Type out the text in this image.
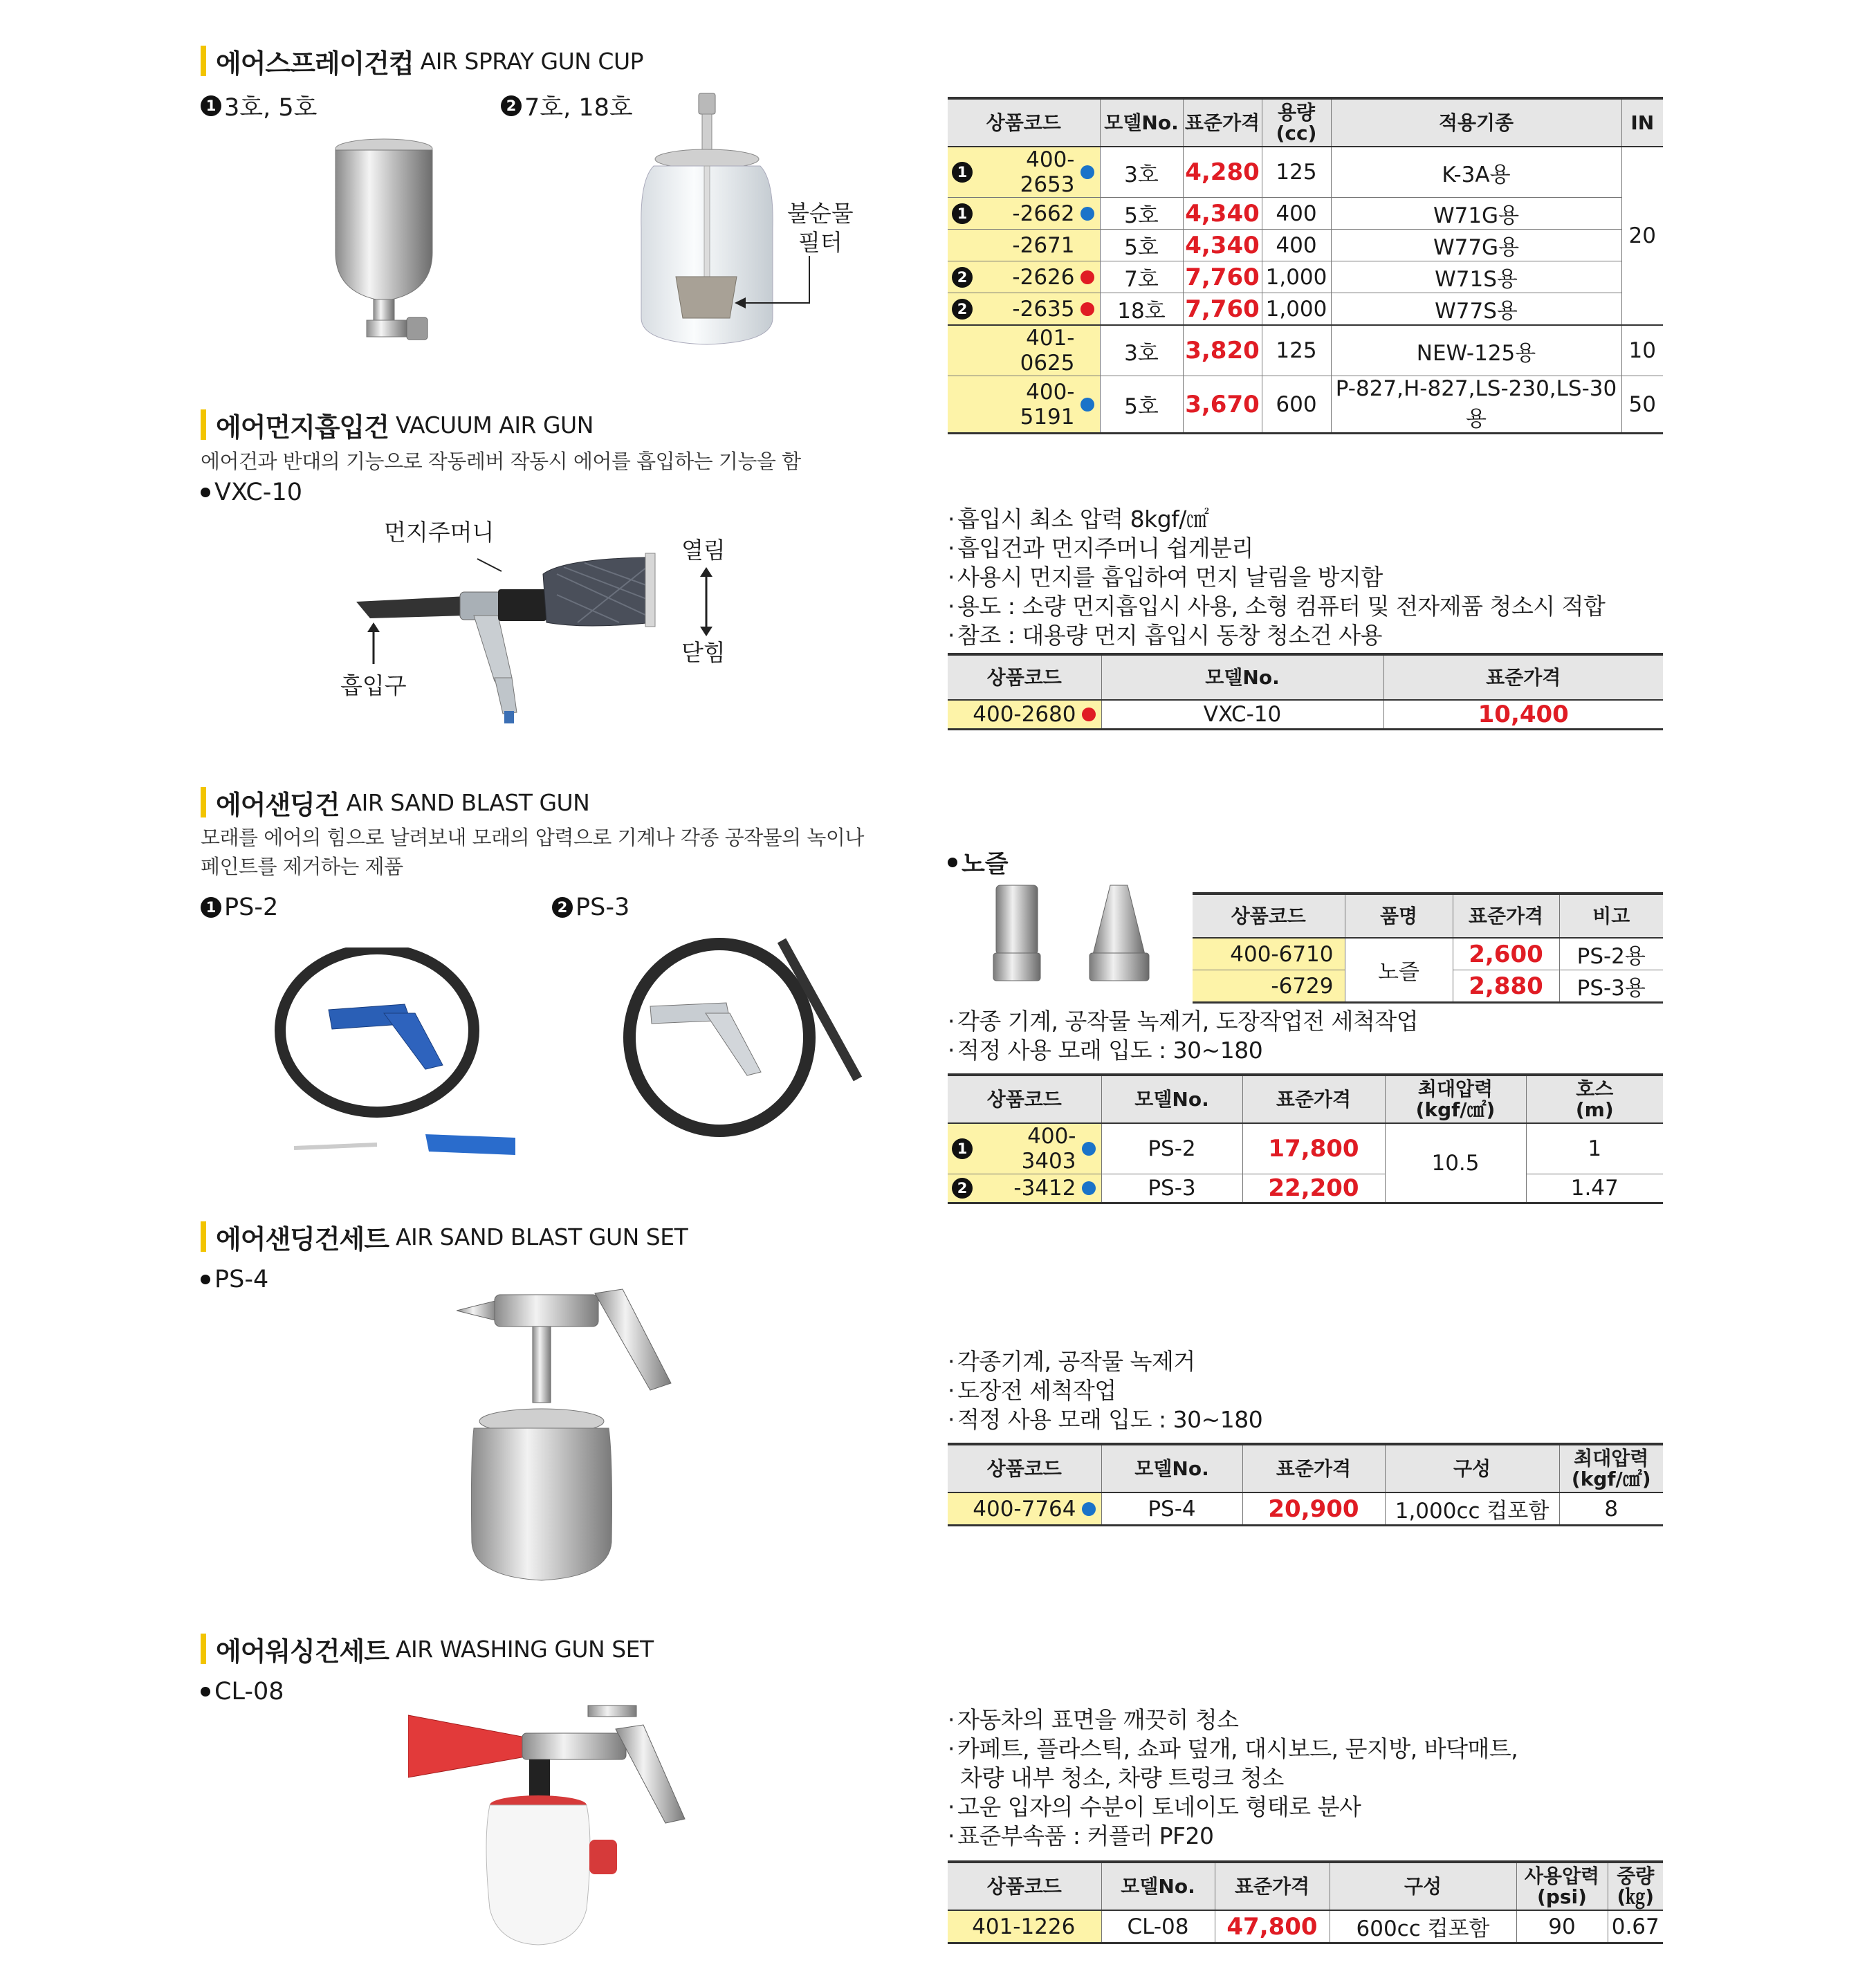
에어스프레이건컵 AIR SPRAY GUN CUP
1 3호, 5호	2 7호, 18호
불순물
필터
상품코드	모델No.	표준가격	용량
(cc)	적용기종	IN

1 400-2653	3호	4,280	125	K-3A용	20

1 -2662	5호	4,340	400	W71G용	

-2671	5호	4,340	400	W77G용	

2 -2626	7호	7,760	1,000	W71S용	

2 -2635	18호	7,760	1,000	W77S용	

401-0625	3호	3,820	125	NEW-125용	10

400-5191	5호	3,670	600	P-827,H-827,LS-230,LS-30용	50
에어먼지흡입건 VACUUM AIR GUN
에어건과 반대의 기능으로 작동레버 작동시 에어를 흡입하는 기능을 함
VXC-10
먼지주머니
열림
닫힘
흡입구
· 흡입시 최소 압력 8kgf/㎠
· 흡입건과 먼지주머니 쉽게분리
· 사용시 먼지를 흡입하여 먼지 날림을 방지함
· 용도 : 소량 먼지흡입시 사용, 소형 컴퓨터 및 전자제품 청소시 적합
· 참조 : 대용량 먼지 흡입시 동창 청소건 사용
상품코드	모델No.	표준가격

400-2680	VXC-10	10,400
에어샌딩건 AIR SAND BLAST GUN
모래를 에어의 힘으로 날려보내 모래의 압력으로 기계나 각종 공작물의 녹이나
페인트를 제거하는 제품
1 PS-2	2 PS-3
노즐
상품코드	품명	표준가격	비고

400-6710	노즐	2,600	PS-2용

-6729		2,880	PS-3용
· 각종 기계, 공작물 녹제거, 도장작업전 세척작업
· 적정 사용 모래 입도 : 30~180
상품코드	모델No.	표준가격	최대압력
(kgf/㎠)	호스
(m)

1 400-3403	PS-2	17,800	10.5	1

2 -3412	PS-3	22,200		1.47
에어샌딩건세트 AIR SAND BLAST GUN SET
PS-4
· 각종기계, 공작물 녹제거
· 도장전 세척작업
· 적정 사용 모래 입도 : 30~180
상품코드	모델No.	표준가격	구성	최대압력
(kgf/㎠)

400-7764	PS-4	20,900	1,000cc 컵포함	8
에어워싱건세트 AIR WASHING GUN SET
CL-08
· 자동차의 표면을 깨끗히 청소
· 카페트, 플라스틱, 쇼파 덮개, 대시보드, 문지방, 바닥매트,
차량 내부 청소, 차량 트렁크 청소
· 고운 입자의 수분이 토네이도 형태로 분사
· 표준부속품 : 커플러 PF20
상품코드	모델No.	표준가격	구성	사용압력
(psi)	중량
(㎏)

401-1226	CL-08	47,800	600cc 컵포함	90	0.67
